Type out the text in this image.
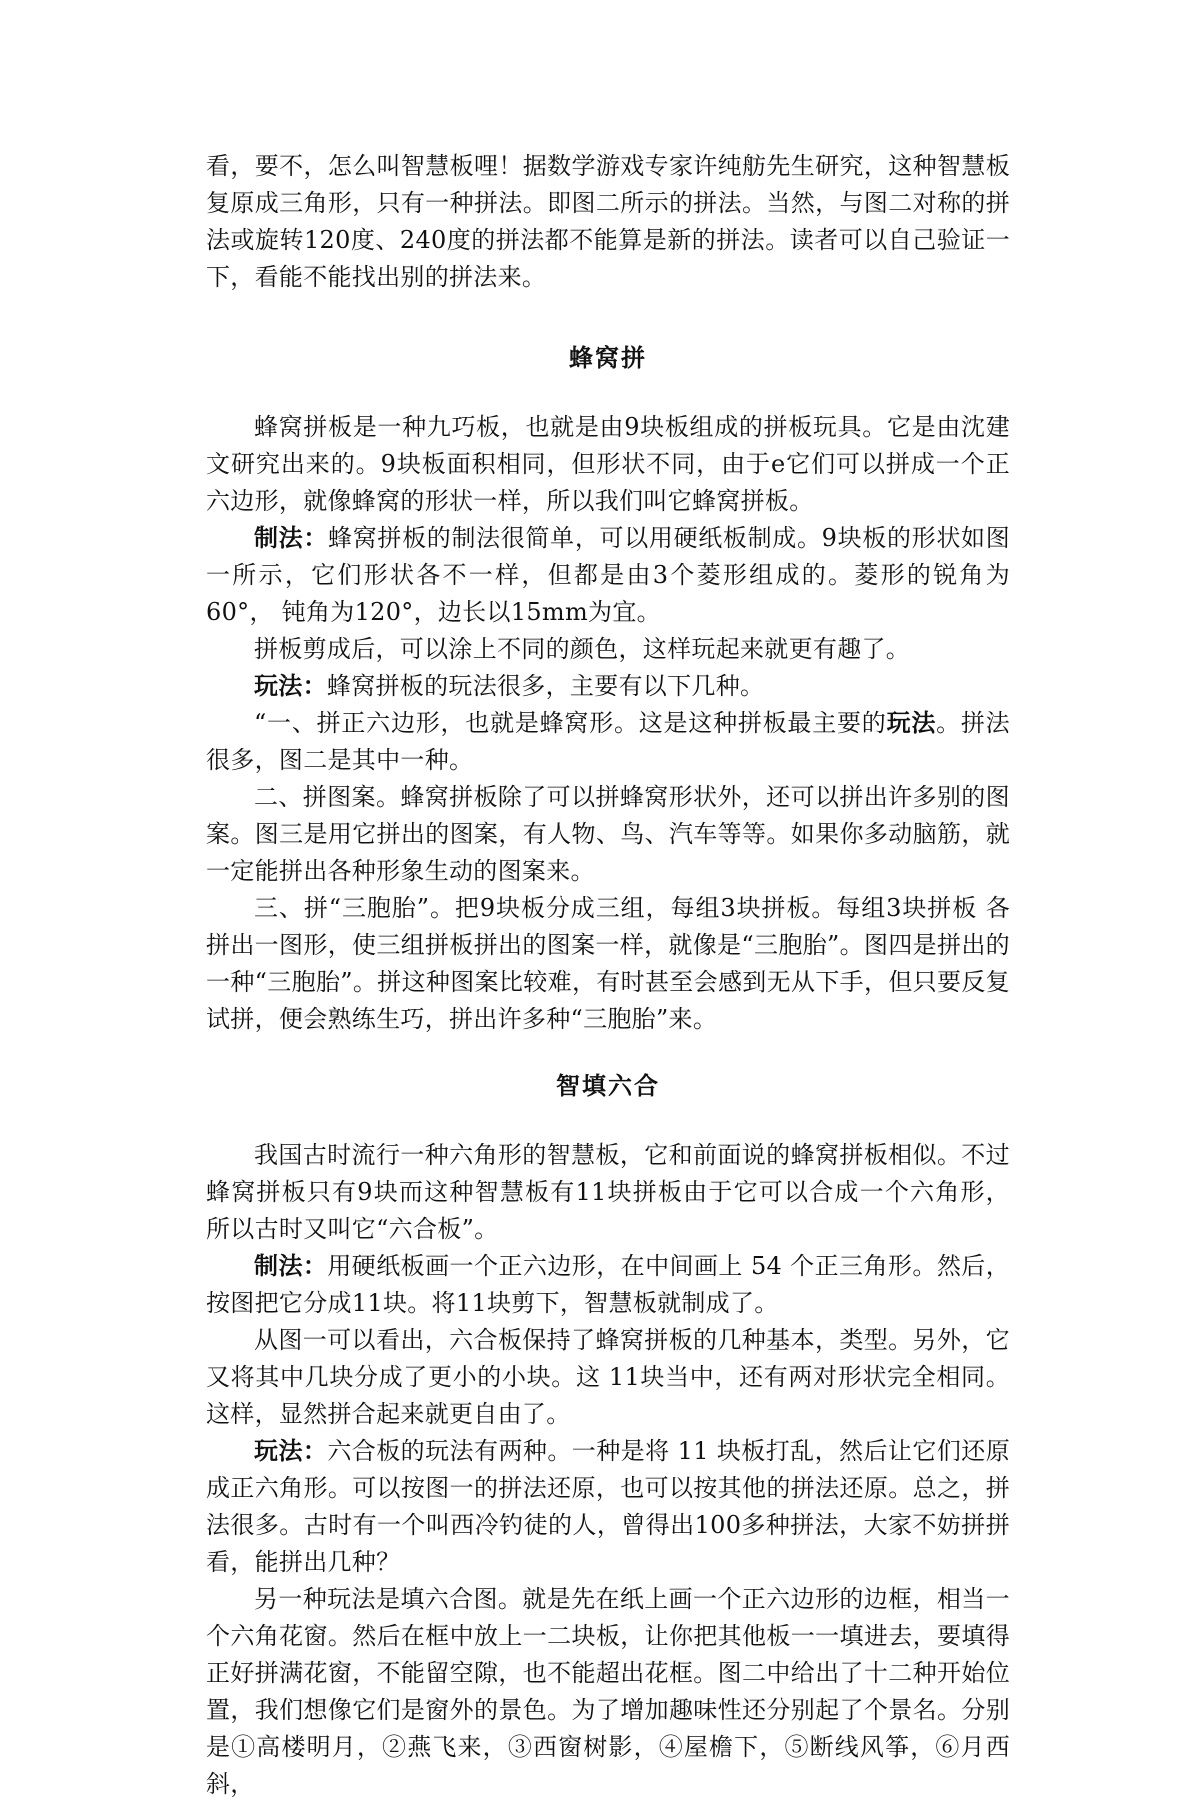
看，要不，怎么叫智慧板哩！据数学游戏专家许纯舫先生研究，这种智慧板复原成三角形，只有一种拼法。即图二所示的拼法。当然，与图二对称的拼法或旋转120度、240度的拼法都不能算是新的拼法。读者可以自己验证一下，看能不能找出别的拼法来。

蜂窝拼

蜂窝拼板是一种九巧板，也就是由9块板组成的拼板玩具。它是由沈建文研究出来的。9块板面积相同，但形状不同，由于e它们可以拼成一个正六边形，就像蜂窝的形状一样，所以我们叫它蜂窝拼板。

制法：蜂窝拼板的制法很简单，可以用硬纸板制成。9块板的形状如图一所示，它们形状各不一样，但都是由3个菱形组成的。菱形的锐角为60°， 钝角为120°，边长以15mm为宜。

拼板剪成后，可以涂上不同的颜色，这样玩起来就更有趣了。

玩法：蜂窝拼板的玩法很多，主要有以下几种。

“一、拼正六边形，也就是蜂窝形。这是这种拼板最主要的玩法。拼法很多，图二是其中一种。

二、拼图案。蜂窝拼板除了可以拼蜂窝形状外，还可以拼出许多别的图案。图三是用它拼出的图案，有人物、鸟、汽车等等。如果你多动脑筋，就一定能拼出各种形象生动的图案来。

三、拼“三胞胎”。把9块板分成三组，每组3块拼板。每组3块拼板 各拼出一图形，使三组拼板拼出的图案一样，就像是“三胞胎”。图四是拼出的一种“三胞胎”。拼这种图案比较难，有时甚至会感到无从下手，但只要反复试拼，便会熟练生巧，拼出许多种“三胞胎”来。

智填六合

我国古时流行一种六角形的智慧板，它和前面说的蜂窝拼板相似。不过蜂窝拼板只有9块而这种智慧板有11块拼板由于它可以合成一个六角形， 所以古时又叫它“六合板”。

制法：用硬纸板画一个正六边形，在中间画上 54 个正三角形。然后，按图把它分成11块。将11块剪下，智慧板就制成了。

从图一可以看出，六合板保持了蜂窝拼板的几种基本，类型。另外，它又将其中几块分成了更小的小块。这 11块当中，还有两对形状完全相同。这样，显然拼合起来就更自由了。

玩法：六合板的玩法有两种。一种是将 11 块板打乱，然后让它们还原成正六角形。可以按图一的拼法还原，也可以按其他的拼法还原。总之，拼法很多。古时有一个叫西冷钓徒的人，曾得出100多种拼法，大家不妨拼拼看，能拼出几种？

另一种玩法是填六合图。就是先在纸上画一个正六边形的边框，相当一个六角花窗。然后在框中放上一二块板，让你把其他板一一填进去，要填得正好拼满花窗，不能留空隙，也不能超出花框。图二中给出了十二种开始位置，我们想像它们是窗外的景色。为了增加趣味性还分别起了个景名。分别是①高楼明月，②燕飞来，③西窗树影，④屋檐下，⑤断线风筝，⑥月西斜，
